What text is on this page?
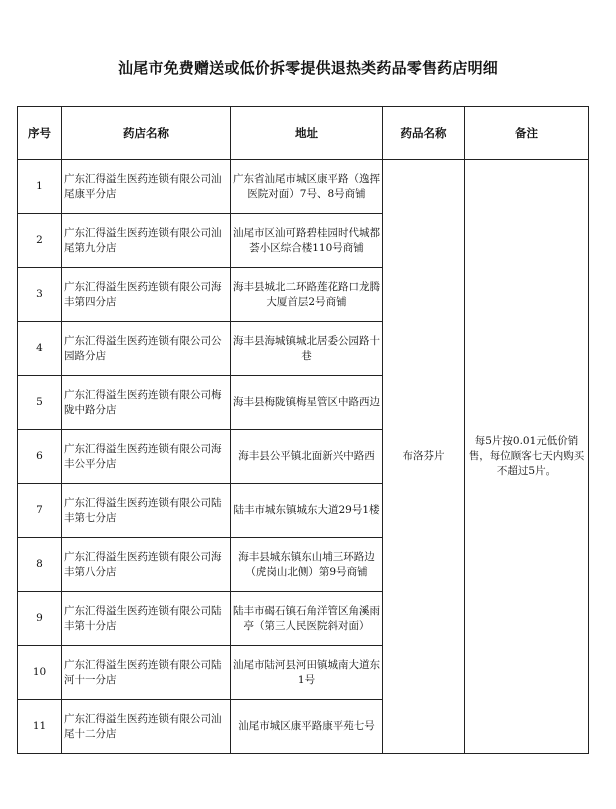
汕尾市免费赠送或低价拆零提供退热类药品零售药店明细
序号	药店名称	地址	药品名称	备注
1	广东汇得溢生医药连锁有限公司汕尾康平分店	广东省汕尾市城区康平路（逸挥医院对面）7号、8号商铺	布洛芬片	每5片按0.01元低价销售，每位顾客七天内购买不超过5片。
2	广东汇得溢生医药连锁有限公司汕尾第九分店	汕尾市区汕可路碧桂园时代城都荟小区综合楼110号商铺		
3	广东汇得溢生医药连锁有限公司海丰第四分店	海丰县城北二环路莲花路口龙腾大厦首层2号商铺		
4	广东汇得溢生医药连锁有限公司公园路分店	海丰县海城镇城北居委公园路十巷		
5	广东汇得溢生医药连锁有限公司梅陇中路分店	海丰县梅陇镇梅星管区中路西边		
6	广东汇得溢生医药连锁有限公司海丰公平分店	海丰县公平镇北面新兴中路西		
7	广东汇得溢生医药连锁有限公司陆丰第七分店	陆丰市城东镇城东大道29号1楼		
8	广东汇得溢生医药连锁有限公司海丰第八分店	海丰县城东镇东山埔三环路边（虎岗山北侧）第9号商铺		
9	广东汇得溢生医药连锁有限公司陆丰第十分店	陆丰市碣石镇石角洋管区角溪雨亭（第三人民医院斜对面）		
10	广东汇得溢生医药连锁有限公司陆河十一分店	汕尾市陆河县河田镇城南大道东1号		
11	广东汇得溢生医药连锁有限公司汕尾十二分店	汕尾市城区康平路康平苑七号		
